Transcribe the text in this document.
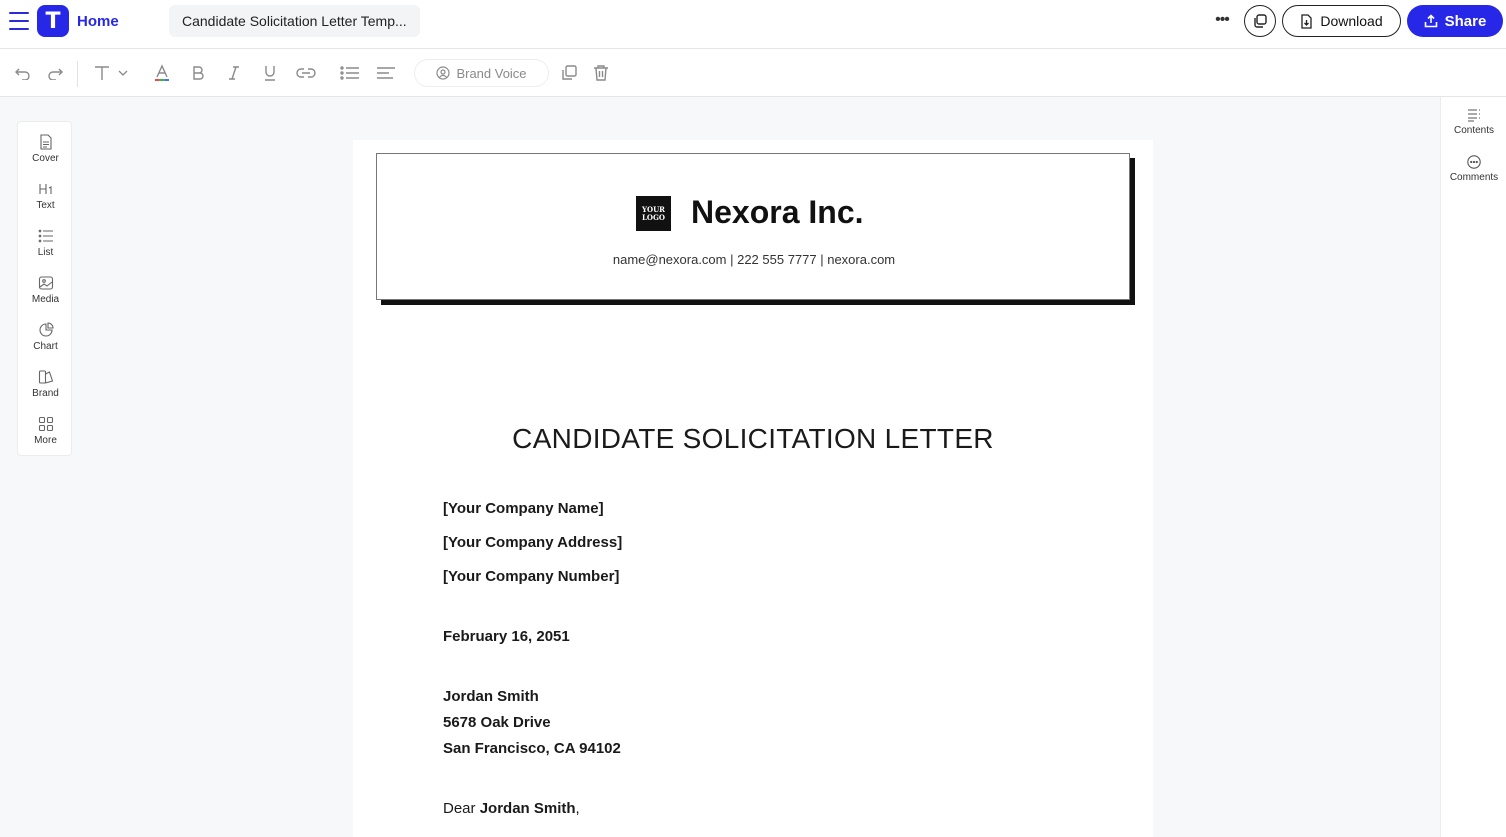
T	Home	Candidate Solicitation Letter Temp...	•••	Download	Share
Brand Voice
Cover
Text
List
Media
Chart
Brand
More
Contents
Comments
YOUR
LOGO Nexora Inc.
name@nexora.com | 222 555 7777 | nexora.com
CANDIDATE SOLICITATION LETTER
[Your Company Name]
[Your Company Address]
[Your Company Number]
February 16, 2051
Jordan Smith
5678 Oak Drive
San Francisco, CA 94102
Dear Jordan Smith,
